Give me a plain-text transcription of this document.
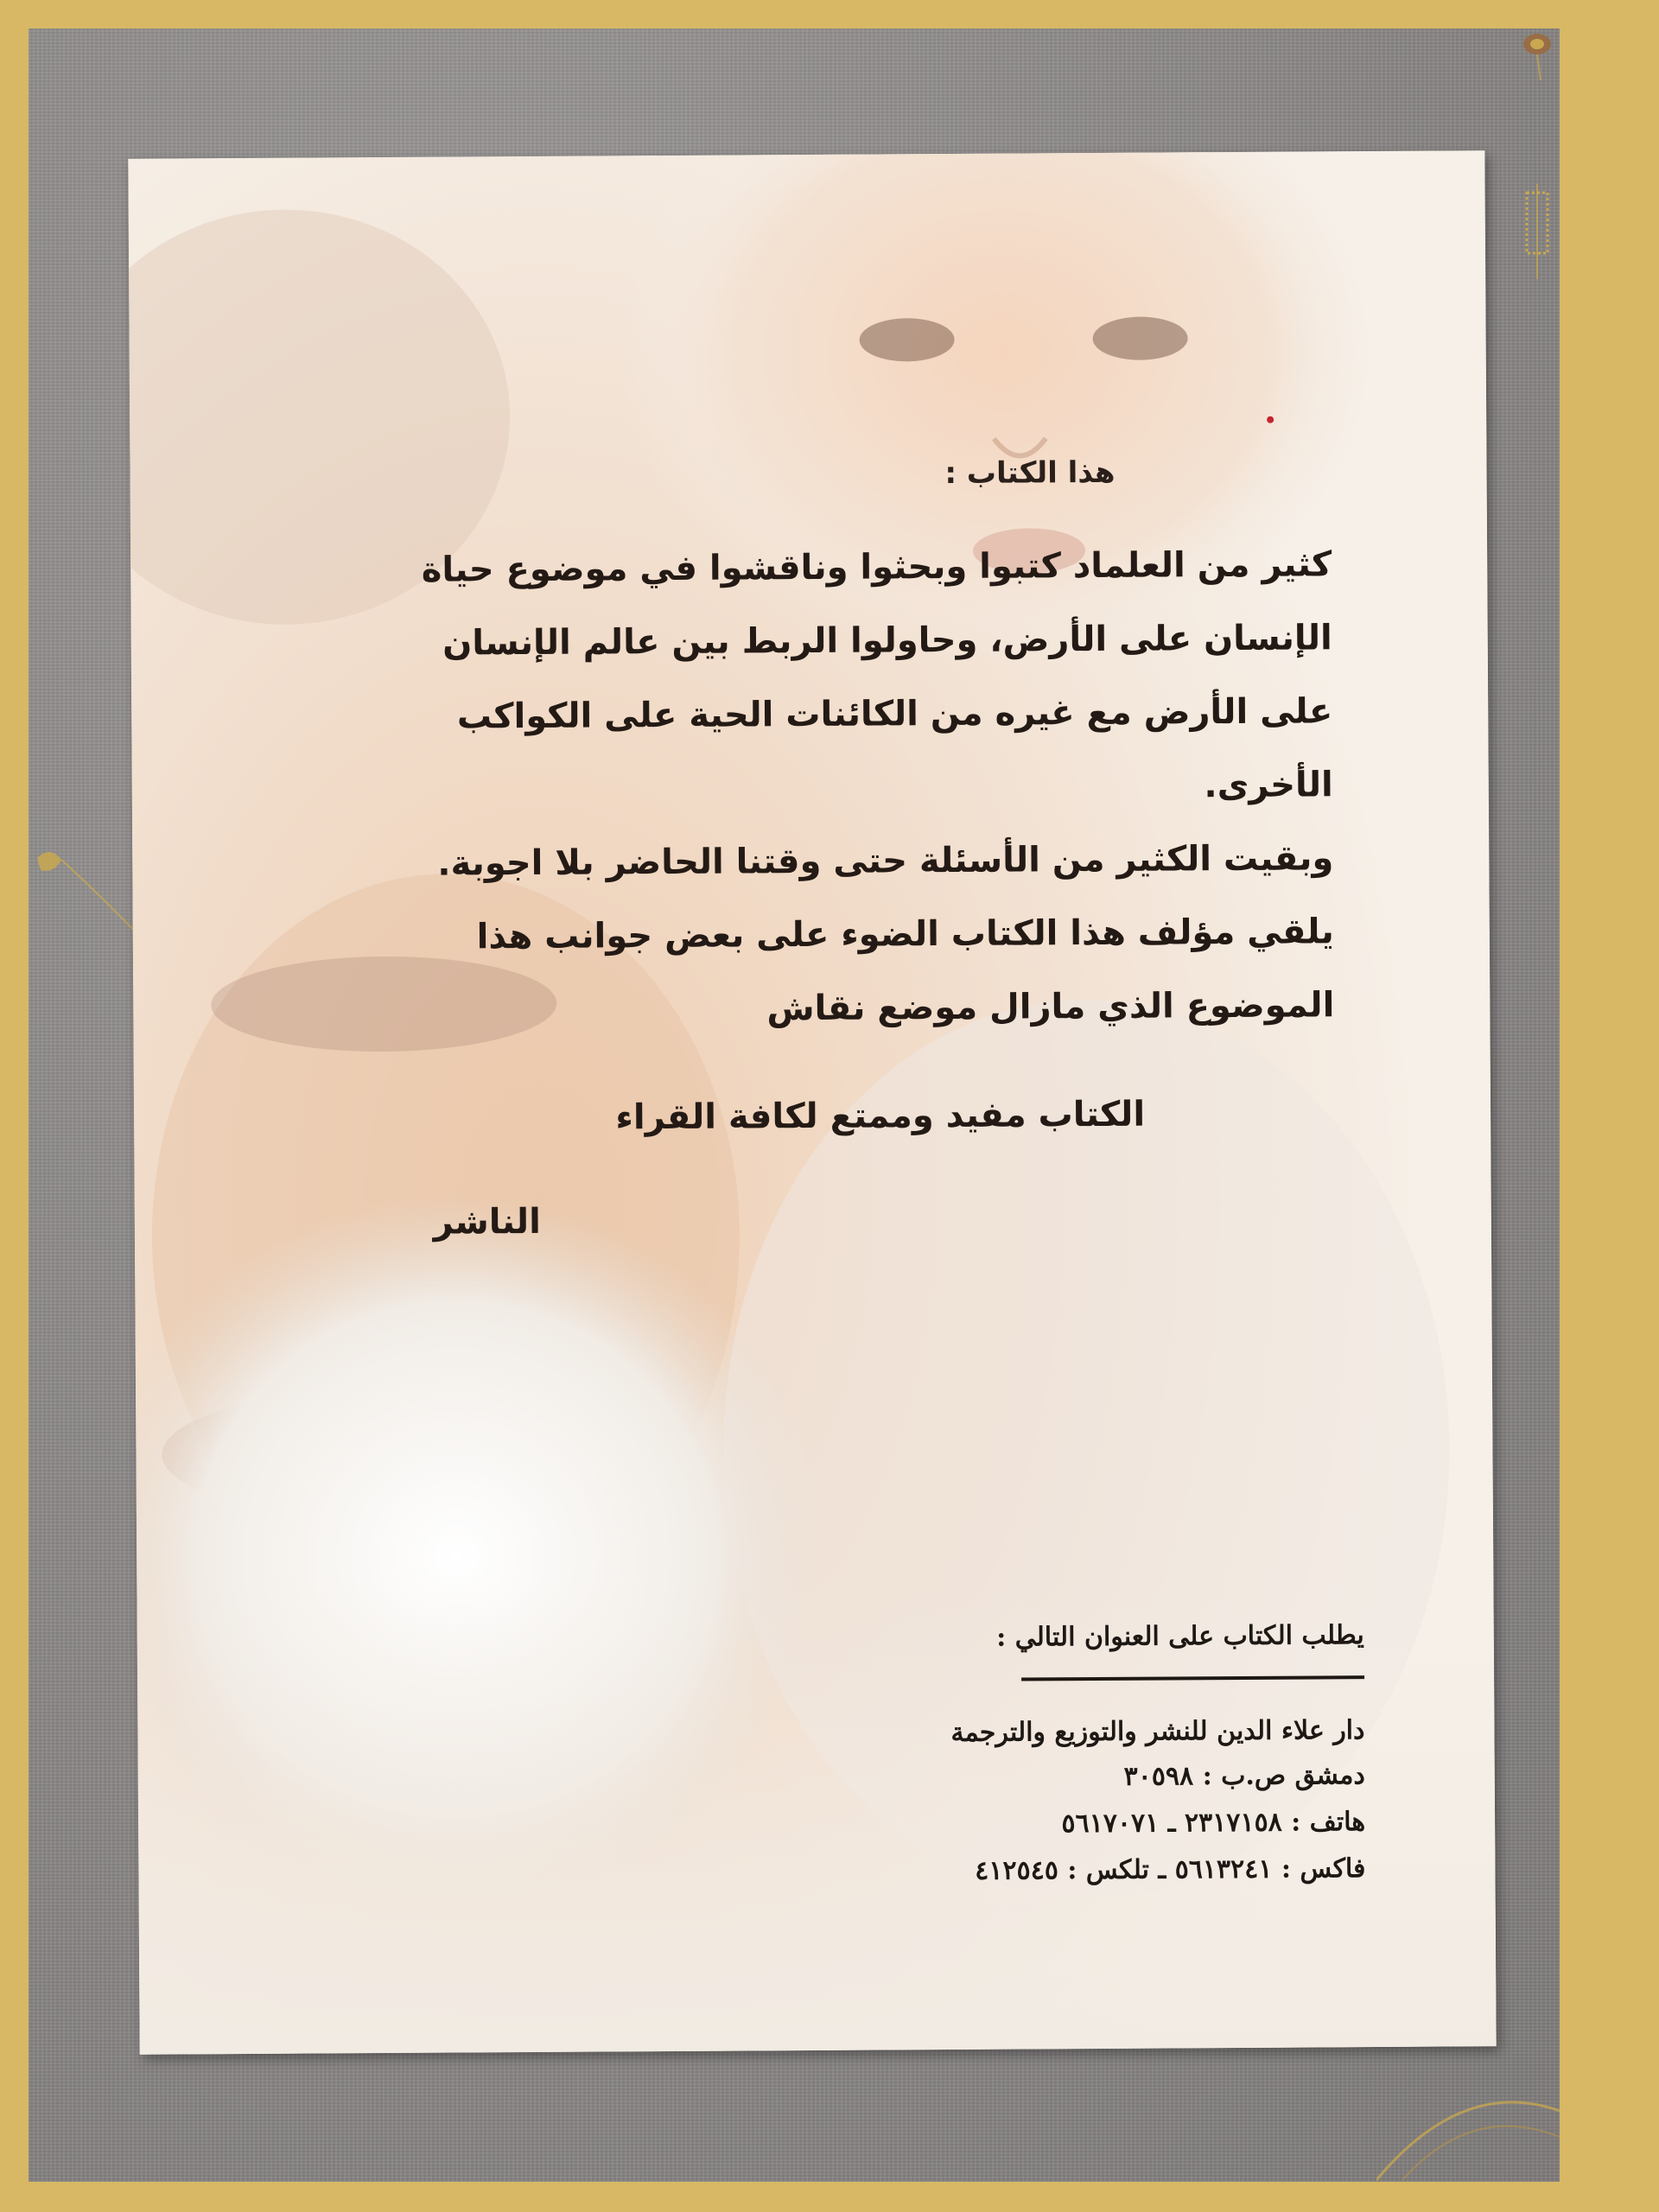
هذا الكتاب :
كثير من العلماد كتبوا وبحثوا وناقشوا في موضوع حياة
الإنسان على الأرض، وحاولوا الربط بين عالم الإنسان
على الأرض مع غيره من الكائنات الحية على الكواكب
الأخرى.
وبقيت الكثير من الأسئلة حتى وقتنا الحاضر بلا اجوبة.
يلقي مؤلف هذا الكتاب الضوء على بعض جوانب هذا
الموضوع الذي مازال موضع نقاش
الكتاب مفيد وممتع لكافة القراء
الناشر
يطلب الكتاب على العنوان التالي :
دار علاء الدين للنشر والتوزيع والترجمة
دمشق ص.ب : ٣٠٥٩٨
هاتف : ٢٣١٧١٥٨ ـ ٥٦١٧٠٧١
فاكس : ٥٦١٣٢٤١ ـ تلكس : ٤١٢٥٤٥
